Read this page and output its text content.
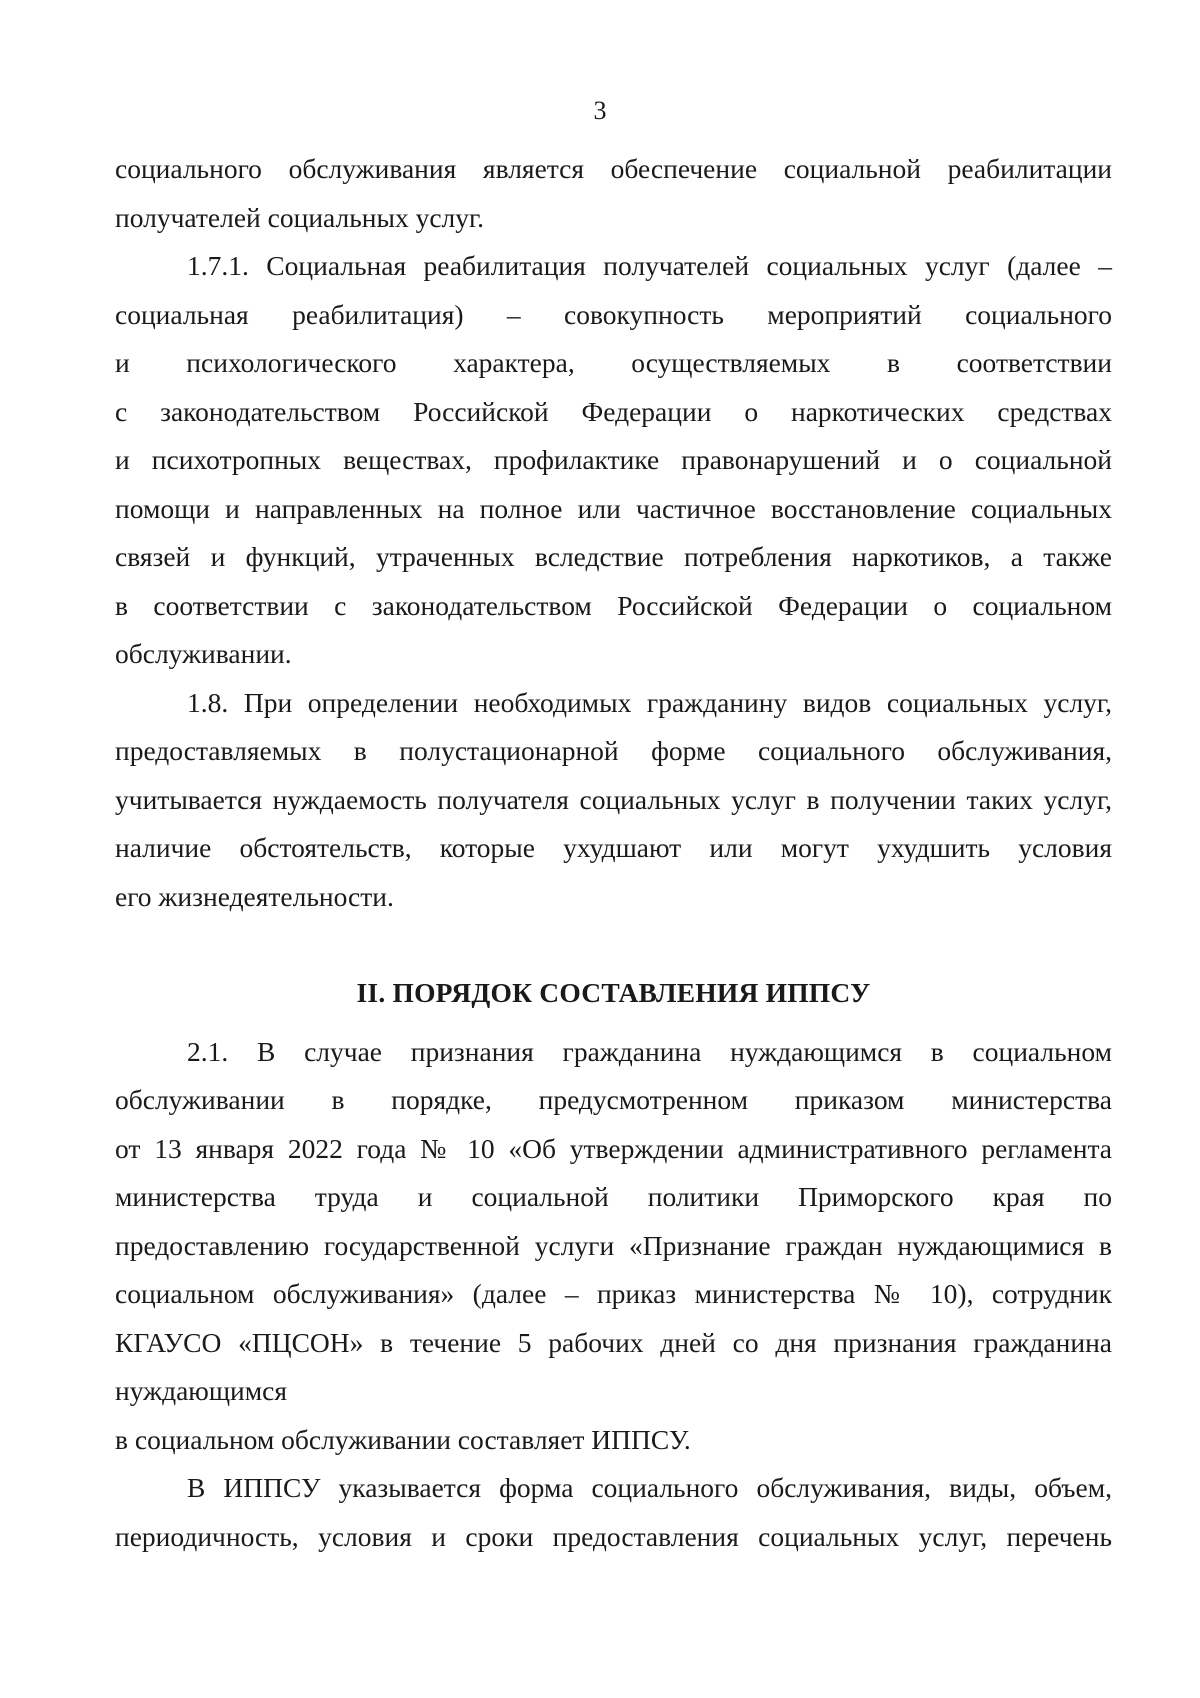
3
социального обслуживания является обеспечение социальной реабилитации
получателей социальных услуг.
1.7.1. Социальная реабилитация получателей социальных услуг (далее –
социальная реабилитация) – совокупность мероприятий социального
и психологического характера, осуществляемых в соответствии
с законодательством Российской Федерации о наркотических средствах
и психотропных веществах, профилактике правонарушений и о социальной
помощи и направленных на полное или частичное восстановление социальных
связей и функций, утраченных вследствие потребления наркотиков, а также
в соответствии с законодательством Российской Федерации о социальном
обслуживании.
1.8. При определении необходимых гражданину видов социальных услуг,
предоставляемых в полустационарной форме социального обслуживания,
учитывается нуждаемость получателя социальных услуг в получении таких услуг,
наличие обстоятельств, которые ухудшают или могут ухудшить условия
его жизнедеятельности.
II. ПОРЯДОК СОСТАВЛЕНИЯ ИППСУ
2.1. В случае признания гражданина нуждающимся в социальном
обслуживании в порядке, предусмотренном приказом министерства
от 13 января 2022 года № 10 «Об утверждении административного регламента
министерства труда и социальной политики Приморского края по
предоставлению государственной услуги «Признание граждан нуждающимися в
социальном обслуживания» (далее – приказ министерства № 10), сотрудник
КГАУСО «ПЦСОН» в течение 5 рабочих дней со дня признания гражданина
нуждающимся
в социальном обслуживании составляет ИППСУ.
В ИППСУ указывается форма социального обслуживания, виды, объем,
периодичность, условия и сроки предоставления социальных услуг, перечень
